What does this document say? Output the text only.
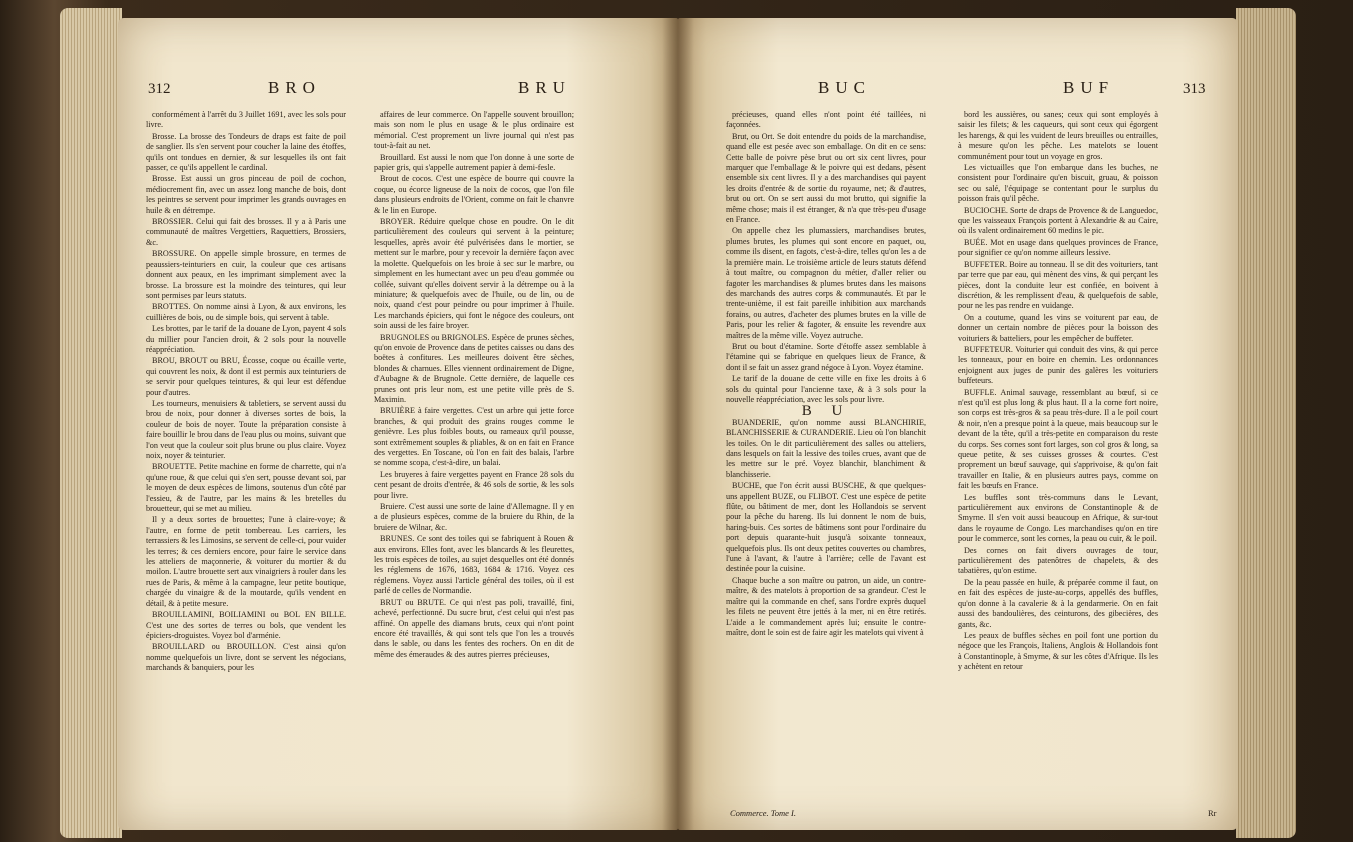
312	BRO	BRU

conformément à l'arrêt du 3 Juillet 1691, avec les sols pour livre.

Brosse. La brosse des Tondeurs de draps est faite de poil de sanglier. Ils s'en servent pour coucher la laine des étoffes, qu'ils ont tondues en dernier, & sur lesquelles ils ont fait passer, ce qu'ils appellent le cardinal.

Brosse. Est aussi un gros pinceau de poil de cochon, médiocrement fin, avec un assez long manche de bois, dont les peintres se servent pour imprimer les grands ouvrages en huile & en détrempe.

BROSSIER. Celui qui fait des brosses. Il y a à Paris une communauté de maîtres Vergettiers, Raquettiers, Brossiers, &c.

BROSSURE. On appelle simple brossure, en termes de peaussiers-teinturiers en cuir, la couleur que ces artisans donnent aux peaux, en les imprimant simplement avec la brosse. La brossure est la moindre des teintures, qui leur sont permises par leurs statuts.

BROTTES. On nomme ainsi à Lyon, & aux environs, les cuillières de bois, ou de simple bois, qui servent à table.

Les brottes, par le tarif de la douane de Lyon, payent 4 sols du millier pour l'ancien droit, & 2 sols pour la nouvelle réappréciation.

BROU, BROUT ou BRU, Écosse, coque ou écaille verte, qui couvrent les noix, & dont il est permis aux teinturiers de se servir pour quelques teintures, & qui leur est défendue pour d'autres.

Les tourneurs, menuisiers & tabletiers, se servent aussi du brou de noix, pour donner à diverses sortes de bois, la couleur de bois de noyer. Toute la préparation consiste à faire bouillir le brou dans de l'eau plus ou moins, suivant que l'on veut que la couleur soit plus brune ou plus claire. Voyez noix, noyer & teinturier.

BROUETTE. Petite machine en forme de charrette, qui n'a qu'une roue, & que celui qui s'en sert, pousse devant soi, par le moyen de deux espèces de limons, soutenus d'un côté par l'essieu, & de l'autre, par les mains & les bretelles du brouetteur, qui se met au milieu.

Il y a deux sortes de brouettes; l'une à claire-voye; & l'autre, en forme de petit tombereau. Les carriers, les terrassiers & les Limosins, se servent de celle-ci, pour vuider les terres; & ces derniers encore, pour faire le service dans les atteliers de maçonnerie, & voiturer du mortier & du moilon. L'autre brouette sert aux vinaigriers à rouler dans les rues de Paris, & même à la campagne, leur petite boutique, chargée du vinaigre & de la moutarde, qu'ils vendent en détail, & à petite mesure.

BROUILLAMINI, BOILIAMINI ou BOL EN BILLE. C'est une des sortes de terres ou bols, que vendent les épiciers-droguistes. Voyez bol d'arménie.

BROUILLARD ou BROUILLON. C'est ainsi qu'on nomme quelquefois un livre, dont se servent les négocians, marchands & banquiers, pour les

affaires de leur commerce. On l'appelle souvent brouillon; mais son nom le plus en usage & le plus ordinaire est mémorial. C'est proprement un livre journal qui n'est pas tout-à-fait au net.

Brouillard. Est aussi le nom que l'on donne à une sorte de papier gris, qui s'appelle autrement papier à demi-fesle.

Brout de cocos. C'est une espèce de bourre qui couvre la coque, ou écorce ligneuse de la noix de cocos, que l'on file dans plusieurs endroits de l'Orient, comme on fait le chanvre & le lin en Europe.

BROYER. Réduire quelque chose en poudre. On le dit particulièrement des couleurs qui servent à la peinture; lesquelles, après avoir été pulvérisées dans le mortier, se mettent sur le marbre, pour y recevoir la dernière façon avec la molette. Quelquefois on les broie à sec sur le marbre, ou simplement en les humectant avec un peu d'eau gommée ou collée, suivant qu'elles doivent servir à la détrempe ou à la miniature; & quelquefois avec de l'huile, ou de lin, ou de noix, quand c'est pour peindre ou pour imprimer à l'huile. Les marchands épiciers, qui font le négoce des couleurs, ont soin aussi de les faire broyer.

BRUGNOLES ou BRIGNOLES. Espèce de prunes sèches, qu'on envoie de Provence dans de petites caisses ou dans des boëtes à confitures. Les meilleures doivent être sèches, blondes & charnues. Elles viennent ordinairement de Digne, d'Aubagne & de Brugnole. Cette dernière, de laquelle ces prunes ont pris leur nom, est une petite ville près de S. Maximin.

BRUIÈRE à faire vergettes. C'est un arbre qui jette force branches, & qui produit des grains rouges comme le genièvre. Les plus foibles bouts, ou rameaux qu'il pousse, sont extrêmement souples & pliables, & on en fait en France des vergettes. En Toscane, où l'on en fait des balais, l'arbre se nomme scopa, c'est-à-dire, un balai.

Les bruyeres à faire vergettes payent en France 28 sols du cent pesant de droits d'entrée, & 46 sols de sortie, & les sols pour livre.

Bruiere. C'est aussi une sorte de laine d'Allemagne. Il y en a de plusieurs espèces, comme de la bruiere du Rhin, de la bruiere de Wilnar, &c.

BRUNES. Ce sont des toiles qui se fabriquent à Rouen & aux environs. Elles font, avec les blancards & les fleurettes, les trois espèces de toiles, au sujet desquelles ont été donnés les réglemens de 1676, 1683, 1684 & 1716. Voyez ces réglemens. Voyez aussi l'article général des toiles, où il est parlé de celles de Normandie.

BRUT ou BRUTE. Ce qui n'est pas poli, travaillé, fini, achevé, perfectionné. Du sucre brut, c'est celui qui n'est pas affiné. On appelle des diamans bruts, ceux qui n'ont point encore été travaillés, & qui sont tels que l'on les a trouvés dans le sable, ou dans les fentes des rochers. On en dit de même des émeraudes & des autres pierres précieuses,

BUC	BUF	313

précieuses, quand elles n'ont point été taillées, ni façonnées.

Brut, ou Ort. Se doit entendre du poids de la marchandise, quand elle est pesée avec son emballage. On dit en ce sens: Cette balle de poivre pèse brut ou ort six cent livres, pour marquer que l'emballage & le poivre qui est dedans, pèsent ensemble six cent livres. Il y a des marchandises qui payent les droits d'entrée & de sortie du royaume, net; & d'autres, brut ou ort. On se sert aussi du mot brutto, qui signifie la même chose; mais il est étranger, & n'a que très-peu d'usage en France.

On appelle chez les plumassiers, marchandises brutes, plumes brutes, les plumes qui sont encore en paquet, ou, comme ils disent, en fagots, c'est-à-dire, telles qu'on les a de la première main. Le troisième article de leurs statuts défend à tout maître, ou compagnon du métier, d'aller relier ou fagoter les marchandises & plumes brutes dans les maisons des marchands des autres corps & communautés. Et par le trente-unième, il est fait pareille inhibition aux marchands forains, ou autres, d'acheter des plumes brutes en la ville de Paris, pour les relier & fagoter, & ensuite les revendre aux maîtres de la même ville. Voyez autruche.

Brut ou bout d'étamine. Sorte d'étoffe assez semblable à l'étamine qui se fabrique en quelques lieux de France, & dont il se fait un assez grand négoce à Lyon. Voyez étamine.

Le tarif de la douane de cette ville en fixe les droits à 6 sols du quintal pour l'ancienne taxe, & à 3 sols pour la nouvelle réappréciation, avec les sols pour livre.

B U

BUANDERIE, qu'on nomme aussi BLANCHIRIE, BLANCHISSERIE & CURANDERIE. Lieu où l'on blanchit les toiles. On le dit particulièrement des salles ou atteliers, dans lesquels on fait la lessive des toiles crues, avant que de les mettre sur le pré. Voyez blanchir, blanchiment & blanchisserie.

BUCHE, que l'on écrit aussi BUSCHE, & que quelques-uns appellent BUZE, ou FLIBOT. C'est une espèce de petite flûte, ou bâtiment de mer, dont les Hollandois se servent pour la pêche du hareng. Ils lui donnent le nom de buis, haring-buis. Ces sortes de bâtimens sont pour l'ordinaire du port depuis quarante-huit jusqu'à soixante tonneaux, quelquefois plus. Ils ont deux petites couvertes ou chambres, l'une à l'avant, & l'autre à l'arrière; celle de l'avant est destinée pour la cuisine.

Chaque buche a son maître ou patron, un aide, un contre-maître, & des matelots à proportion de sa grandeur. C'est le maître qui la commande en chef, sans l'ordre exprès duquel les filets ne peuvent être jettés à la mer, ni en être retirés. L'aide a le commandement après lui; ensuite le contre-maître, dont le soin est de faire agir les matelots qui vivent à

bord les aussières, ou sanes; ceux qui sont employés à saisir les filets; & les caqueurs, qui sont ceux qui égorgent les harengs, & qui les vuident de leurs breuilles ou entrailles, à mesure qu'on les pêche. Les matelots se louent communément pour tout un voyage en gros.

Les victuailles que l'on embarque dans les buches, ne consistent pour l'ordinaire qu'en biscuit, gruau, & poisson sec ou salé, l'équipage se contentant pour le surplus du poisson frais qu'il pêche.

BUCIOCHE. Sorte de draps de Provence & de Languedoc, que les vaisseaux François portent à Alexandrie & au Caire, où ils valent ordinairement 60 medins le pic.

BUÉE. Mot en usage dans quelques provinces de France, pour signifier ce qu'on nomme ailleurs lessive.

BUFFETER. Boire au tonneau. Il se dit des voituriers, tant par terre que par eau, qui mènent des vins, & qui perçant les pièces, dont la conduite leur est confiée, en boivent à discrétion, & les remplissent d'eau, & quelquefois de sable, pour ne les pas rendre en vuidange.

On a coutume, quand les vins se voiturent par eau, de donner un certain nombre de pièces pour la boisson des voituriers & batteliers, pour les empêcher de buffeter.

BUFFETEUR. Voiturier qui conduit des vins, & qui perce les tonneaux, pour en boire en chemin. Les ordonnances enjoignent aux juges de punir des galères les voituriers buffeteurs.

BUFFLE. Animal sauvage, ressemblant au bœuf, si ce n'est qu'il est plus long & plus haut. Il a la corne fort noire, son corps est très-gros & sa peau très-dure. Il a le poil court & noir, n'en a presque point à la queue, mais beaucoup sur le devant de la tête, qu'il a très-petite en comparaison du reste du corps. Ses cornes sont fort larges, son col gros & long, sa queue petite, & ses cuisses grosses & courtes. C'est proprement un bœuf sauvage, qui s'apprivoise, & qu'on fait travailler en Italie, & en plusieurs autres pays, comme on fait les bœufs en France.

Les buffles sont très-communs dans le Levant, particulièrement aux environs de Constantinople & de Smyrne. Il s'en voit aussi beaucoup en Afrique, & sur-tout dans le royaume de Congo. Les marchandises qu'on en tire pour le commerce, sont les cornes, la peau ou cuir, & le poil.

Des cornes on fait divers ouvrages de tour, particulièrement des patenôtres de chapelets, & des tabatières, qu'on estime.

De la peau passée en huile, & préparée comme il faut, on en fait des espèces de juste-au-corps, appellés des buffles, qu'on donne à la cavalerie & à la gendarmerie. On en fait aussi des bandoulières, des ceinturons, des gibecières, des gants, &c.

Les peaux de buffles sèches en poil font une portion du négoce que les François, Italiens, Anglois & Hollandois font à Constantinople, à Smyrne, & sur les côtes d'Afrique. Ils les y achètent en retour

Commerce. Tome I.	Rr
